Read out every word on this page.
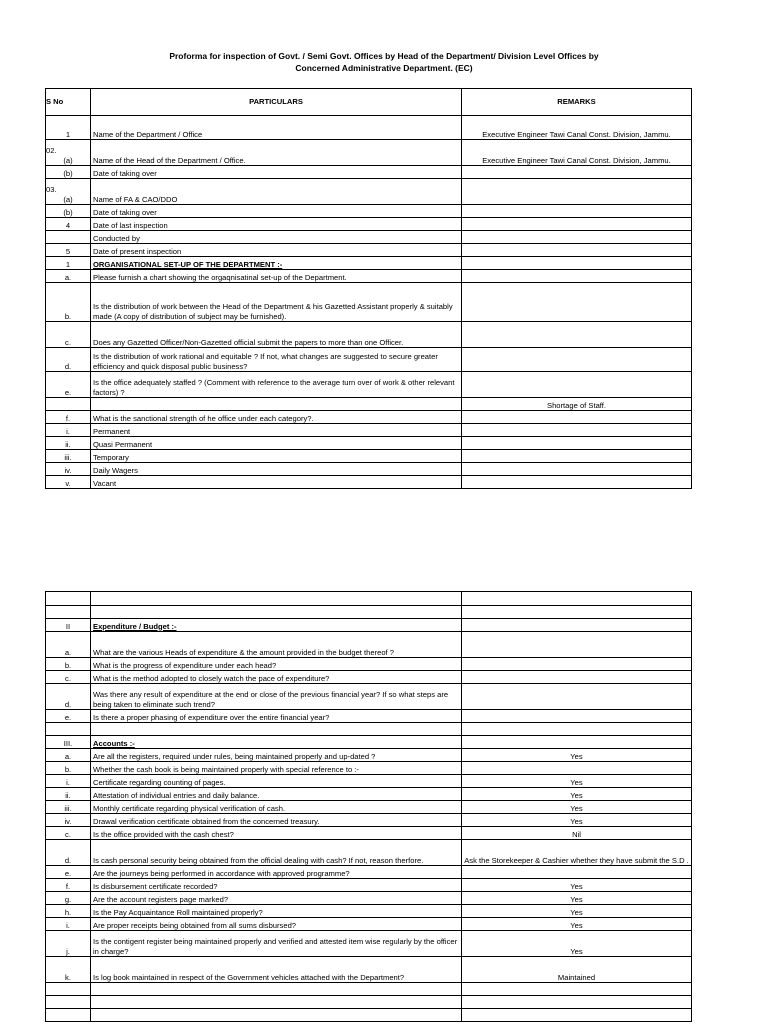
Proforma for inspection of Govt. / Semi Govt. Offices by Head of the Department/ Division Level Offices by
Concerned Administrative Department. (EC)
S No	PARTICULARS	REMARKS
1	Name of the Department / Office	Executive Engineer Tawi Canal Const. Division, Jammu.

02.
(a)	Name of the Head of the Department / Office.	Executive Engineer Tawi Canal Const. Division, Jammu.
(b)	Date of taking over	

03.
(a)	Name of FA & CAO/DDO	
(b)	Date of taking over	
4	Date of last inspection	
	Conducted by	
5	Date of present inspection	
1	ORGANISATIONAL SET-UP OF THE DEPARTMENT :-	
a.	Please furnish a chart showing the orgaqnisatinal set-up of the Department.	
b.	Is the distribution of work between the Head of the Department & his Gazetted Assistant properly & suitably made (A copy of distribution of subject may be furnished).	
c.	Does any Gazetted Officer/Non-Gazetted official submit the papers to more than one Officer.	
d.	Is the distribution of work rational and equitable ? If not, what changes are suggested to secure greater efficiency and quick disposal public business?	
e.	Is the office adequately staffed ? (Comment with reference to the average turn over of work & other relevant factors) ?	
		Shortage of Staff.
f.	What is the sanctional strength of he office under each category?.	
i.	Permanent	
ii.	Quasi Permanent	
iii.	Temporary	
iv.	Daily Wagers	
v.	Vacant	

II	Expenditure / Budget :-	
a.	What are the various Heads of expenditure & the amount provided in the budget thereof ?	
b.	What is the progress of expenditure under each head?	
c.	What is the method adopted to closely watch the pace of expenditure?	
d.	Was there any result of expenditure at the end or close of the previous financial year? If so what steps are being taken to eliminate such trend?	
e.	Is there a proper phasing of expenditure over the entire financial year?	

III.	Accounts :-	
a.	Are all the registers, required under rules, being maintained properly and up-dated ?	Yes
b.	Whether the cash book is being maintained properly with special reference to :-	
i.	Certificate regarding counting of pages.	Yes
ii.	Attestation of individual entries and daily balance.	Yes
iii.	Monthly certificate regarding physical verification of cash.	Yes
iv.	Drawal verification certificate obtained from the concerned treasury.	Yes
c.	Is the office provided with the cash chest?	Nil
d.	Is cash personal security being obtained from the official dealing with cash? If not, reason therfore.	Ask the Storekeeper & Cashier whether they have submit the S.D .
e.	Are the journeys being performed in accordance with approved programme?	
f.	Is disbursement certificate recorded?	Yes
g.	Are the account registers page marked?	Yes
h.	Is the Pay Acquaintance Roll maintained properly?	Yes
i.	Are proper receipts being obtained from all sums disbursed?	Yes
j.	Is the contigent register being maintained properly and verified and attested item wise regularly by the officer in charge?	Yes
k.	Is log book maintained in respect of the Government vehicles attached with the Department?	Maintained
